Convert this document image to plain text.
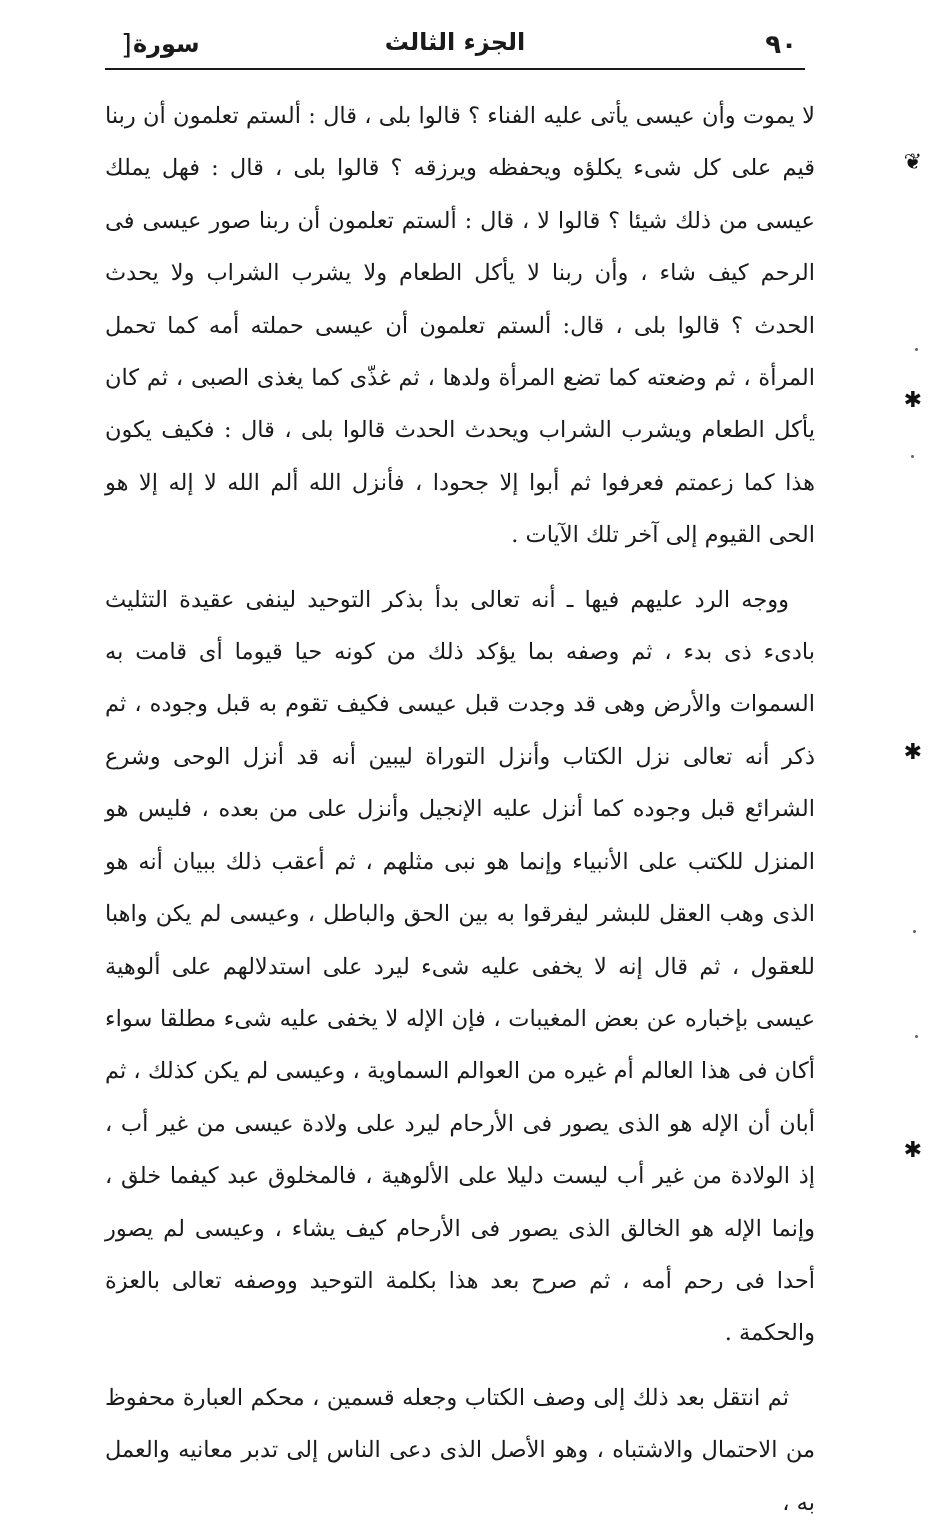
٩٠
الجزء الثالث
سورة
[

لا يموت وأن عيسى يأتى عليه الفناء ؟ قالوا بلى ، قال : ألستم تعلمون أن ربنا قيم على كل شىء يكلؤه ويحفظه ويرزقه ؟ قالوا بلى ، قال : فهل يملك عيسى من ذلك شيئا ؟ قالوا لا ، قال : ألستم تعلمون أن ربنا صور عيسى فى الرحم كيف شاء ، وأن ربنا لا يأكل الطعام ولا يشرب الشراب ولا يحدث الحدث ؟ قالوا بلى ، قال: ألستم تعلمون أن عيسى حملته أمه كما تحمل المرأة ، ثم وضعته كما تضع المرأة ولدها ، ثم غذّى كما يغذى الصبى ، ثم كان يأكل الطعام ويشرب الشراب ويحدث الحدث قالوا بلى ، قال : فكيف يكون هذا كما زعمتم فعرفوا ثم أبوا إلا جحودا ، فأنزل الله ألم الله لا إله إلا هو الحى القيوم إلى آخر تلك الآيات .

ووجه الرد عليهم فيها ـ أنه تعالى بدأ بذكر التوحيد لينفى عقيدة التثليث بادىء ذى بدء ، ثم وصفه بما يؤكد ذلك من كونه حيا قيوما أى قامت به السموات والأرض وهى قد وجدت قبل عيسى فكيف تقوم به قبل وجوده ، ثم ذكر أنه تعالى نزل الكتاب وأنزل التوراة ليبين أنه قد أنزل الوحى وشرع الشرائع قبل وجوده كما أنزل عليه الإنجيل وأنزل على من بعده ، فليس هو المنزل للكتب على الأنبياء وإنما هو نبى مثلهم ، ثم أعقب ذلك ببيان أنه هو الذى وهب العقل للبشر ليفرقوا به بين الحق والباطل ، وعيسى لم يكن واهبا للعقول ، ثم قال إنه لا يخفى عليه شىء ليرد على استدلالهم على ألوهية عيسى بإخباره عن بعض المغيبات ، فإن الإله لا يخفى عليه شىء مطلقا سواء أكان فى هذا العالم أم غيره من العوالم السماوية ، وعيسى لم يكن كذلك ، ثم أبان أن الإله هو الذى يصور فى الأرحام ليرد على ولادة عيسى من غير أب ، إذ الولادة من غير أب ليست دليلا على الألوهية ، فالمخلوق عبد كيفما خلق ، وإنما الإله هو الخالق الذى يصور فى الأرحام كيف يشاء ، وعيسى لم يصور أحدا فى رحم أمه ، ثم صرح بعد هذا بكلمة التوحيد ووصفه تعالى بالعزة والحكمة .

ثم انتقل بعد ذلك إلى وصف الكتاب وجعله قسمين ، محكم العبارة محفوظ من الاحتمال والاشتباه ، وهو الأصل الذى دعى الناس إلى تدبر معانيه والعمل به ،

❦
✱
✱
✱
